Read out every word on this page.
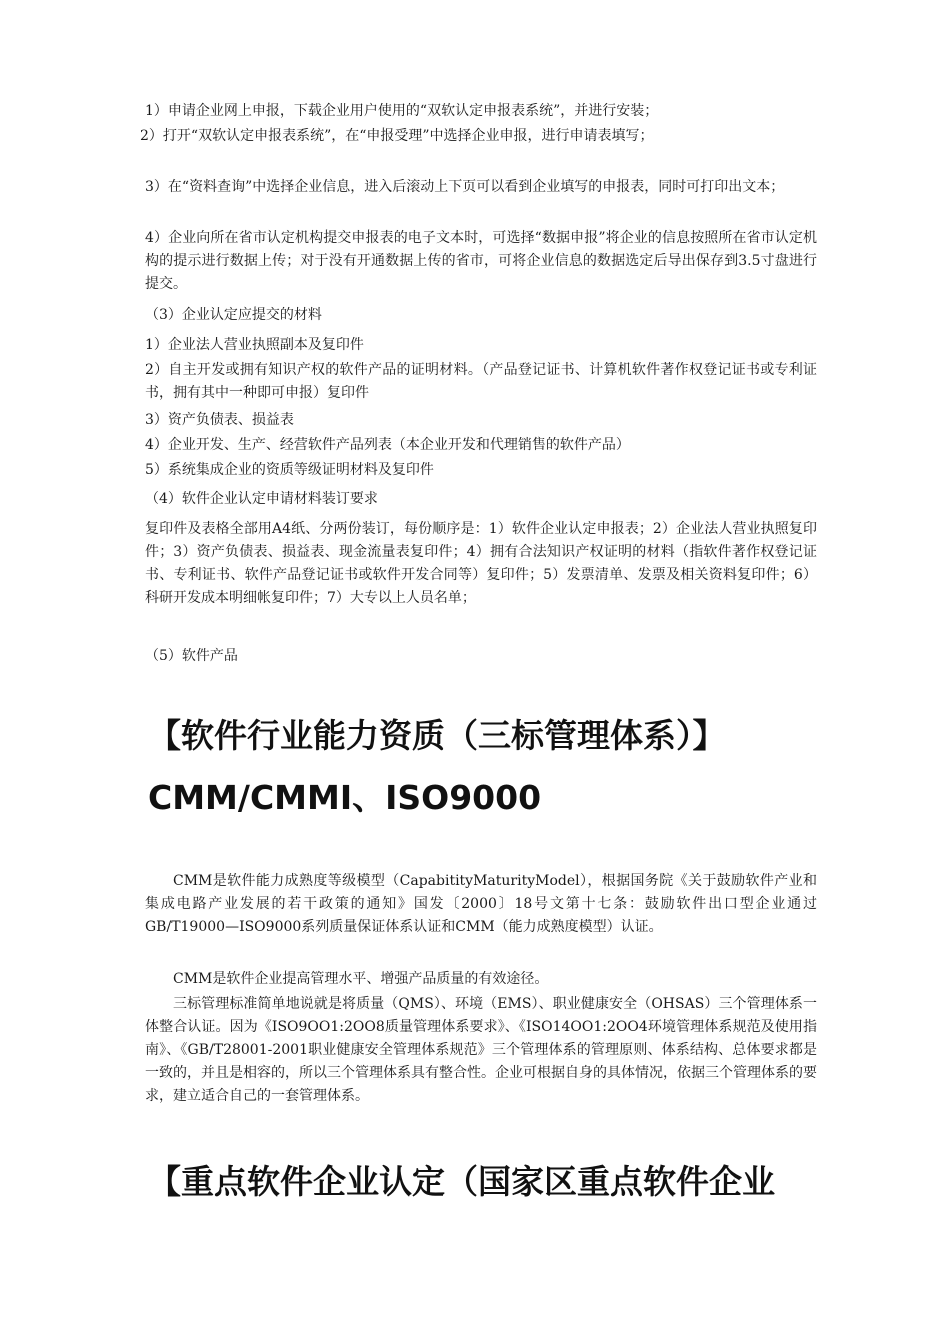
1）申请企业网上申报，下载企业用户使用的“双软认定申报表系统”，并进行安装；

2）打开“双软认定申报表系统”，在“申报受理”中选择企业申报，进行申请表填写；

3）在“资料查询”中选择企业信息，进入后滚动上下页可以看到企业填写的申报表，同时可打印出文本；

4）企业向所在省市认定机构提交申报表的电子文本时，可选择“数据申报”将企业的信息按照所在省市认定机构的提示进行数据上传；对于没有开通数据上传的省市，可将企业信息的数据选定后导出保存到3.5寸盘进行提交。

（3）企业认定应提交的材料

1）企业法人营业执照副本及复印件

2）自主开发或拥有知识产权的软件产品的证明材料。（产品登记证书、计算机软件著作权登记证书或专利证书，拥有其中一种即可申报）复印件

3）资产负债表、损益表

4）企业开发、生产、经营软件产品列表（本企业开发和代理销售的软件产品）

5）系统集成企业的资质等级证明材料及复印件

（4）软件企业认定申请材料装订要求

复印件及表格全部用A4纸、分两份装订，每份顺序是：1）软件企业认定申报表；2）企业法人营业执照复印件；3）资产负债表、损益表、现金流量表复印件；4）拥有合法知识产权证明的材料（指软件著作权登记证书、专利证书、软件产品登记证书或软件开发合同等）复印件；5）发票清单、发票及相关资料复印件；6）科研开发成本明细帐复印件；7）大专以上人员名单；

（5）软件产品

【软件行业能力资质（三标管理体系）】
CMM/CMMI、ISO9000

CMM是软件能力成熟度等级模型（CapabitityMaturityModel），根据国务院《关于鼓励软件产业和集成电路产业发展的若干政策的通知》国发〔2000〕18号文第十七条：鼓励软件出口型企业通过GB/T19000—ISO9000系列质量保证体系认证和CMM（能力成熟度模型）认证。

CMM是软件企业提高管理水平、增强产品质量的有效途径。

三标管理标准简单地说就是将质量（QMS）、环境（EMS）、职业健康安全（OHSAS）三个管理体系一体整合认证。因为《ISO9OO1:2OO8质量管理体系要求》、《ISO14OO1:2OO4环境管理体系规范及使用指南》、《GB/T28001-2001职业健康安全管理体系规范》三个管理体系的管理原则、体系结构、总体要求都是一致的，并且是相容的，所以三个管理体系具有整合性。企业可根据自身的具体情况，依据三个管理体系的要求，建立适合自己的一套管理体系。

【重点软件企业认定（国家区重点软件企业
